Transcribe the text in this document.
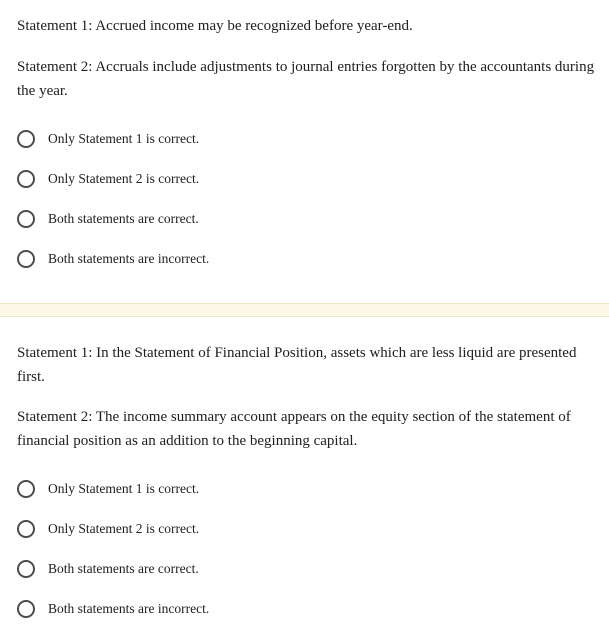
Statement 1: Accrued income may be recognized before year-end.

Statement 2: Accruals include adjustments to journal entries forgotten by the accountants during the year.

Only Statement 1 is correct.
Only Statement 2 is correct.
Both statements are correct.
Both statements are incorrect.

Statement 1: In the Statement of Financial Position, assets which are less liquid are presented first.

Statement 2: The income summary account appears on the equity section of the statement of financial position as an addition to the beginning capital.

Only Statement 1 is correct.
Only Statement 2 is correct.
Both statements are correct.
Both statements are incorrect.
